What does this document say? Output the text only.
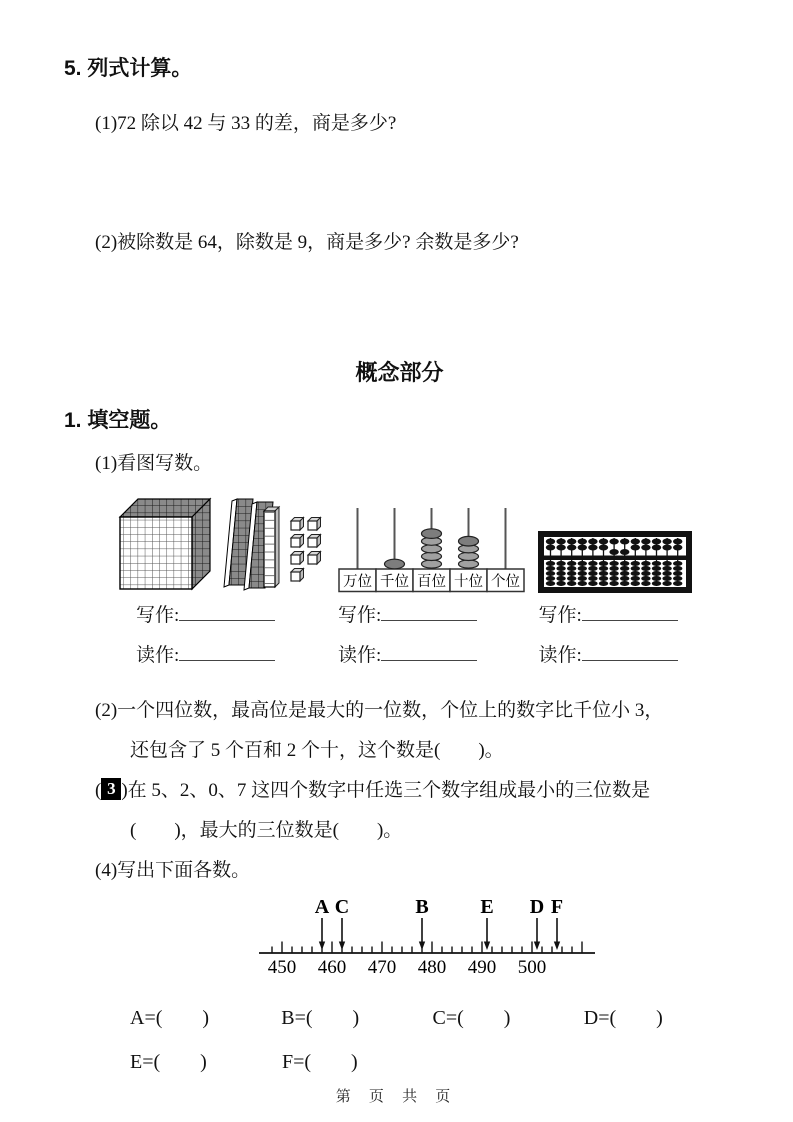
5. 列式计算。
(1)72 除以 42 与 33 的差，商是多少?
(2)被除数是 64，除数是 9，商是多少? 余数是多少?
概念部分
1. 填空题。
(1)看图写数。
写作:
读作:
万位 千位 百位 十位 个位
写作:
读作:
写作:
读作:
(2)一个四位数，最高位是最大的一位数，个位上的数字比千位小 3，
还包含了 5 个百和 2 个十，这个数是(　　)。
( 3 )在 5、2、0、7 这四个数字中任选三个数字组成最小的三位数是
(　　)，最大的三位数是(　　)。
(4)写出下面各数。
450 460 470 480 490 500
A C	B	E D F
A=(　　)	B=(　　)	C=(　　)	D=(　　)
E=(　　)	F=(　　)
第 页 共 页
